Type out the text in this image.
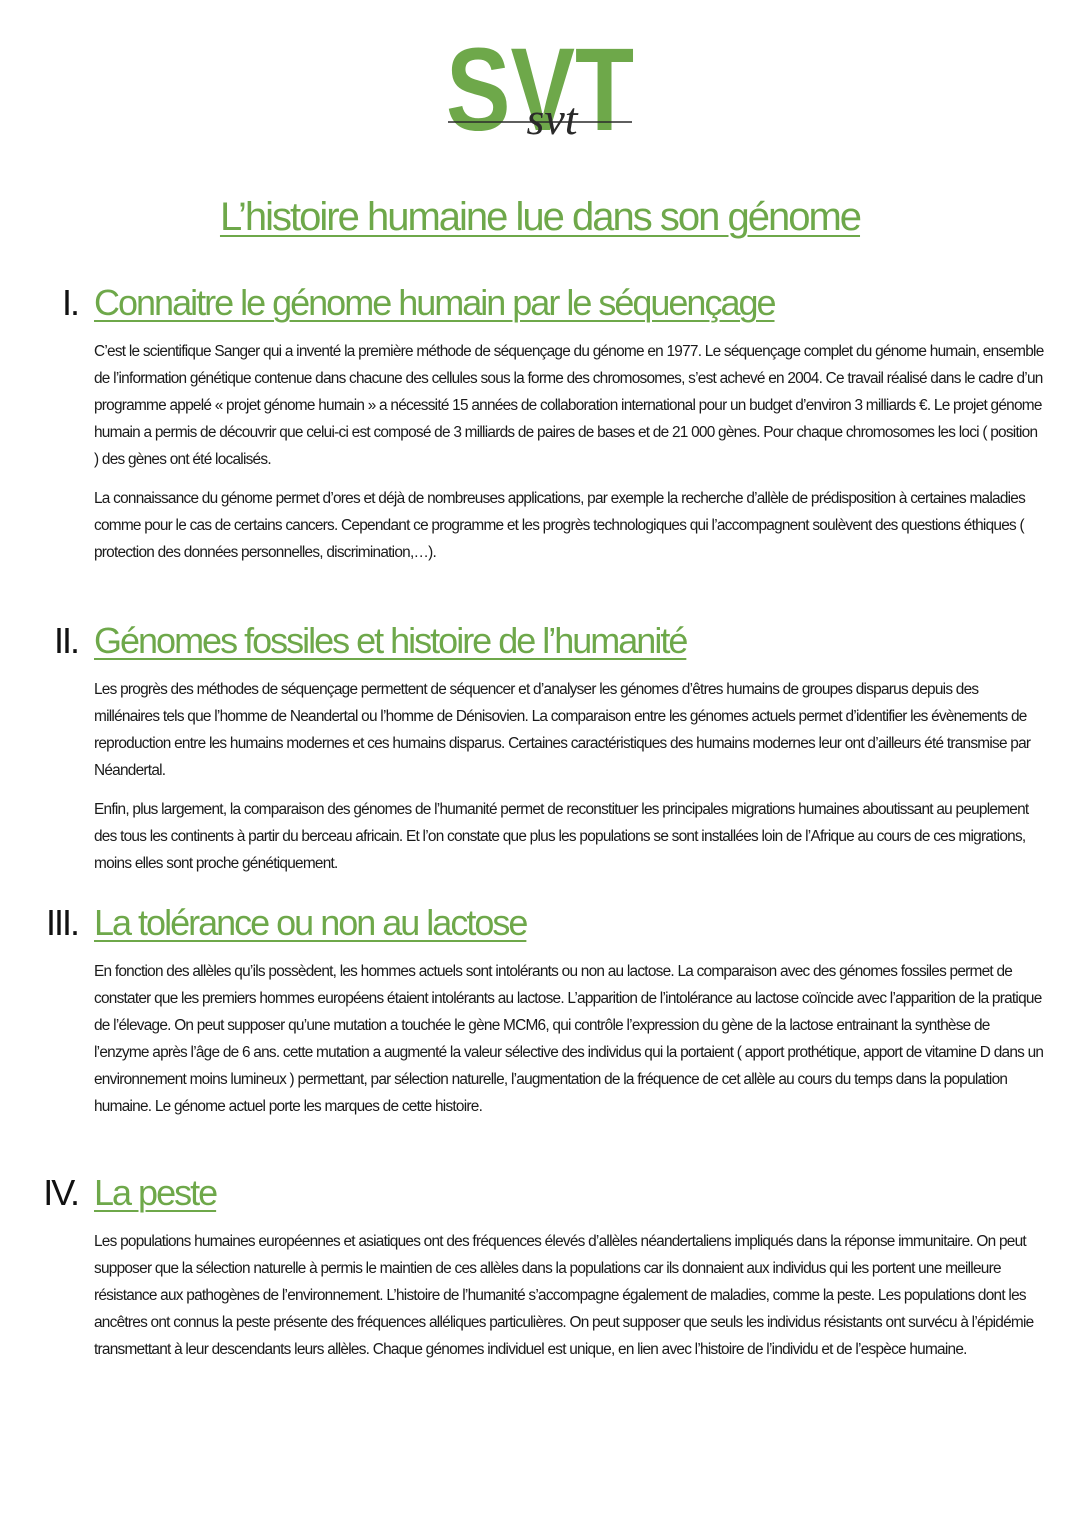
SVT
svt
L’histoire humaine lue dans son génome
I. Connaitre le génome humain par le séquençage

C’est le scientifique Sanger qui a inventé la première méthode de séquençage du génome en 1977. Le séquençage complet du génome humain, ensemble de l’information génétique contenue dans chacune des cellules sous la forme des chromosomes, s’est achevé en 2004. Ce travail réalisé dans le cadre d’un programme appelé « projet génome humain » a nécessité 15 années de collaboration international pour un budget d’environ 3 milliards €. Le projet génome humain a permis de découvrir que celui-ci est composé de 3 milliards de paires de bases et de 21 000 gènes. Pour chaque chromosomes les loci ( position ) des gènes ont été localisés.

La connaissance du génome permet d’ores et déjà de nombreuses applications, par exemple la recherche d’allèle de prédisposition à certaines maladies comme pour le cas de certains cancers. Cependant ce programme et les progrès technologiques qui l’accompagnent soulèvent des questions éthiques ( protection des données personnelles, discrimination,…).

II. Génomes fossiles et histoire de l’humanité

Les progrès des méthodes de séquençage permettent de séquencer et d’analyser les génomes d’êtres humains de groupes disparus depuis des millénaires tels que l’homme de Neandertal ou l’homme de Dénisovien. La comparaison entre les génomes actuels permet d’identifier les évènements de reproduction entre les humains modernes et ces humains disparus. Certaines caractéristiques des humains modernes leur ont d’ailleurs été transmise par Néandertal.

Enfin, plus largement, la comparaison des génomes de l’humanité permet de reconstituer les principales migrations humaines aboutissant au peuplement des tous les continents à partir du berceau africain. Et l’on constate que plus les populations se sont installées loin de l’Afrique au cours de ces migrations, moins elles sont proche génétiquement.

III. La tolérance ou non au lactose

En fonction des allèles qu’ils possèdent, les hommes actuels sont intolérants ou non au lactose. La comparaison avec des génomes fossiles permet de constater que les premiers hommes européens étaient intolérants au lactose. L’apparition de l’intolérance au lactose coïncide avec l’apparition de la pratique de l’élevage. On peut supposer qu’une mutation a touchée le gène MCM6, qui contrôle l’expression du gène de la lactose entrainant la synthèse de l’enzyme après l’âge de 6 ans. cette mutation a augmenté la valeur sélective des individus qui la portaient ( apport prothétique, apport de vitamine D dans un environnement moins lumineux ) permettant, par sélection naturelle, l’augmentation de la fréquence de cet allèle au cours du temps dans la population humaine. Le génome actuel porte les marques de cette histoire.

IV. La peste

Les populations humaines européennes et asiatiques ont des fréquences élevés d’allèles néandertaliens impliqués dans la réponse immunitaire. On peut supposer que la sélection naturelle à permis le maintien de ces allèles dans la populations car ils donnaient aux individus qui les portent une meilleure résistance aux pathogènes de l’environnement. L’histoire de l’humanité s’accompagne également de maladies, comme la peste. Les populations dont les ancêtres ont connus la peste présente des fréquences alléliques particulières. On peut supposer que seuls les individus résistants ont survécu à l’épidémie transmettant à leur descendants leurs allèles. Chaque génomes individuel est unique, en lien avec l’histoire de l’individu et de l’espèce humaine.
